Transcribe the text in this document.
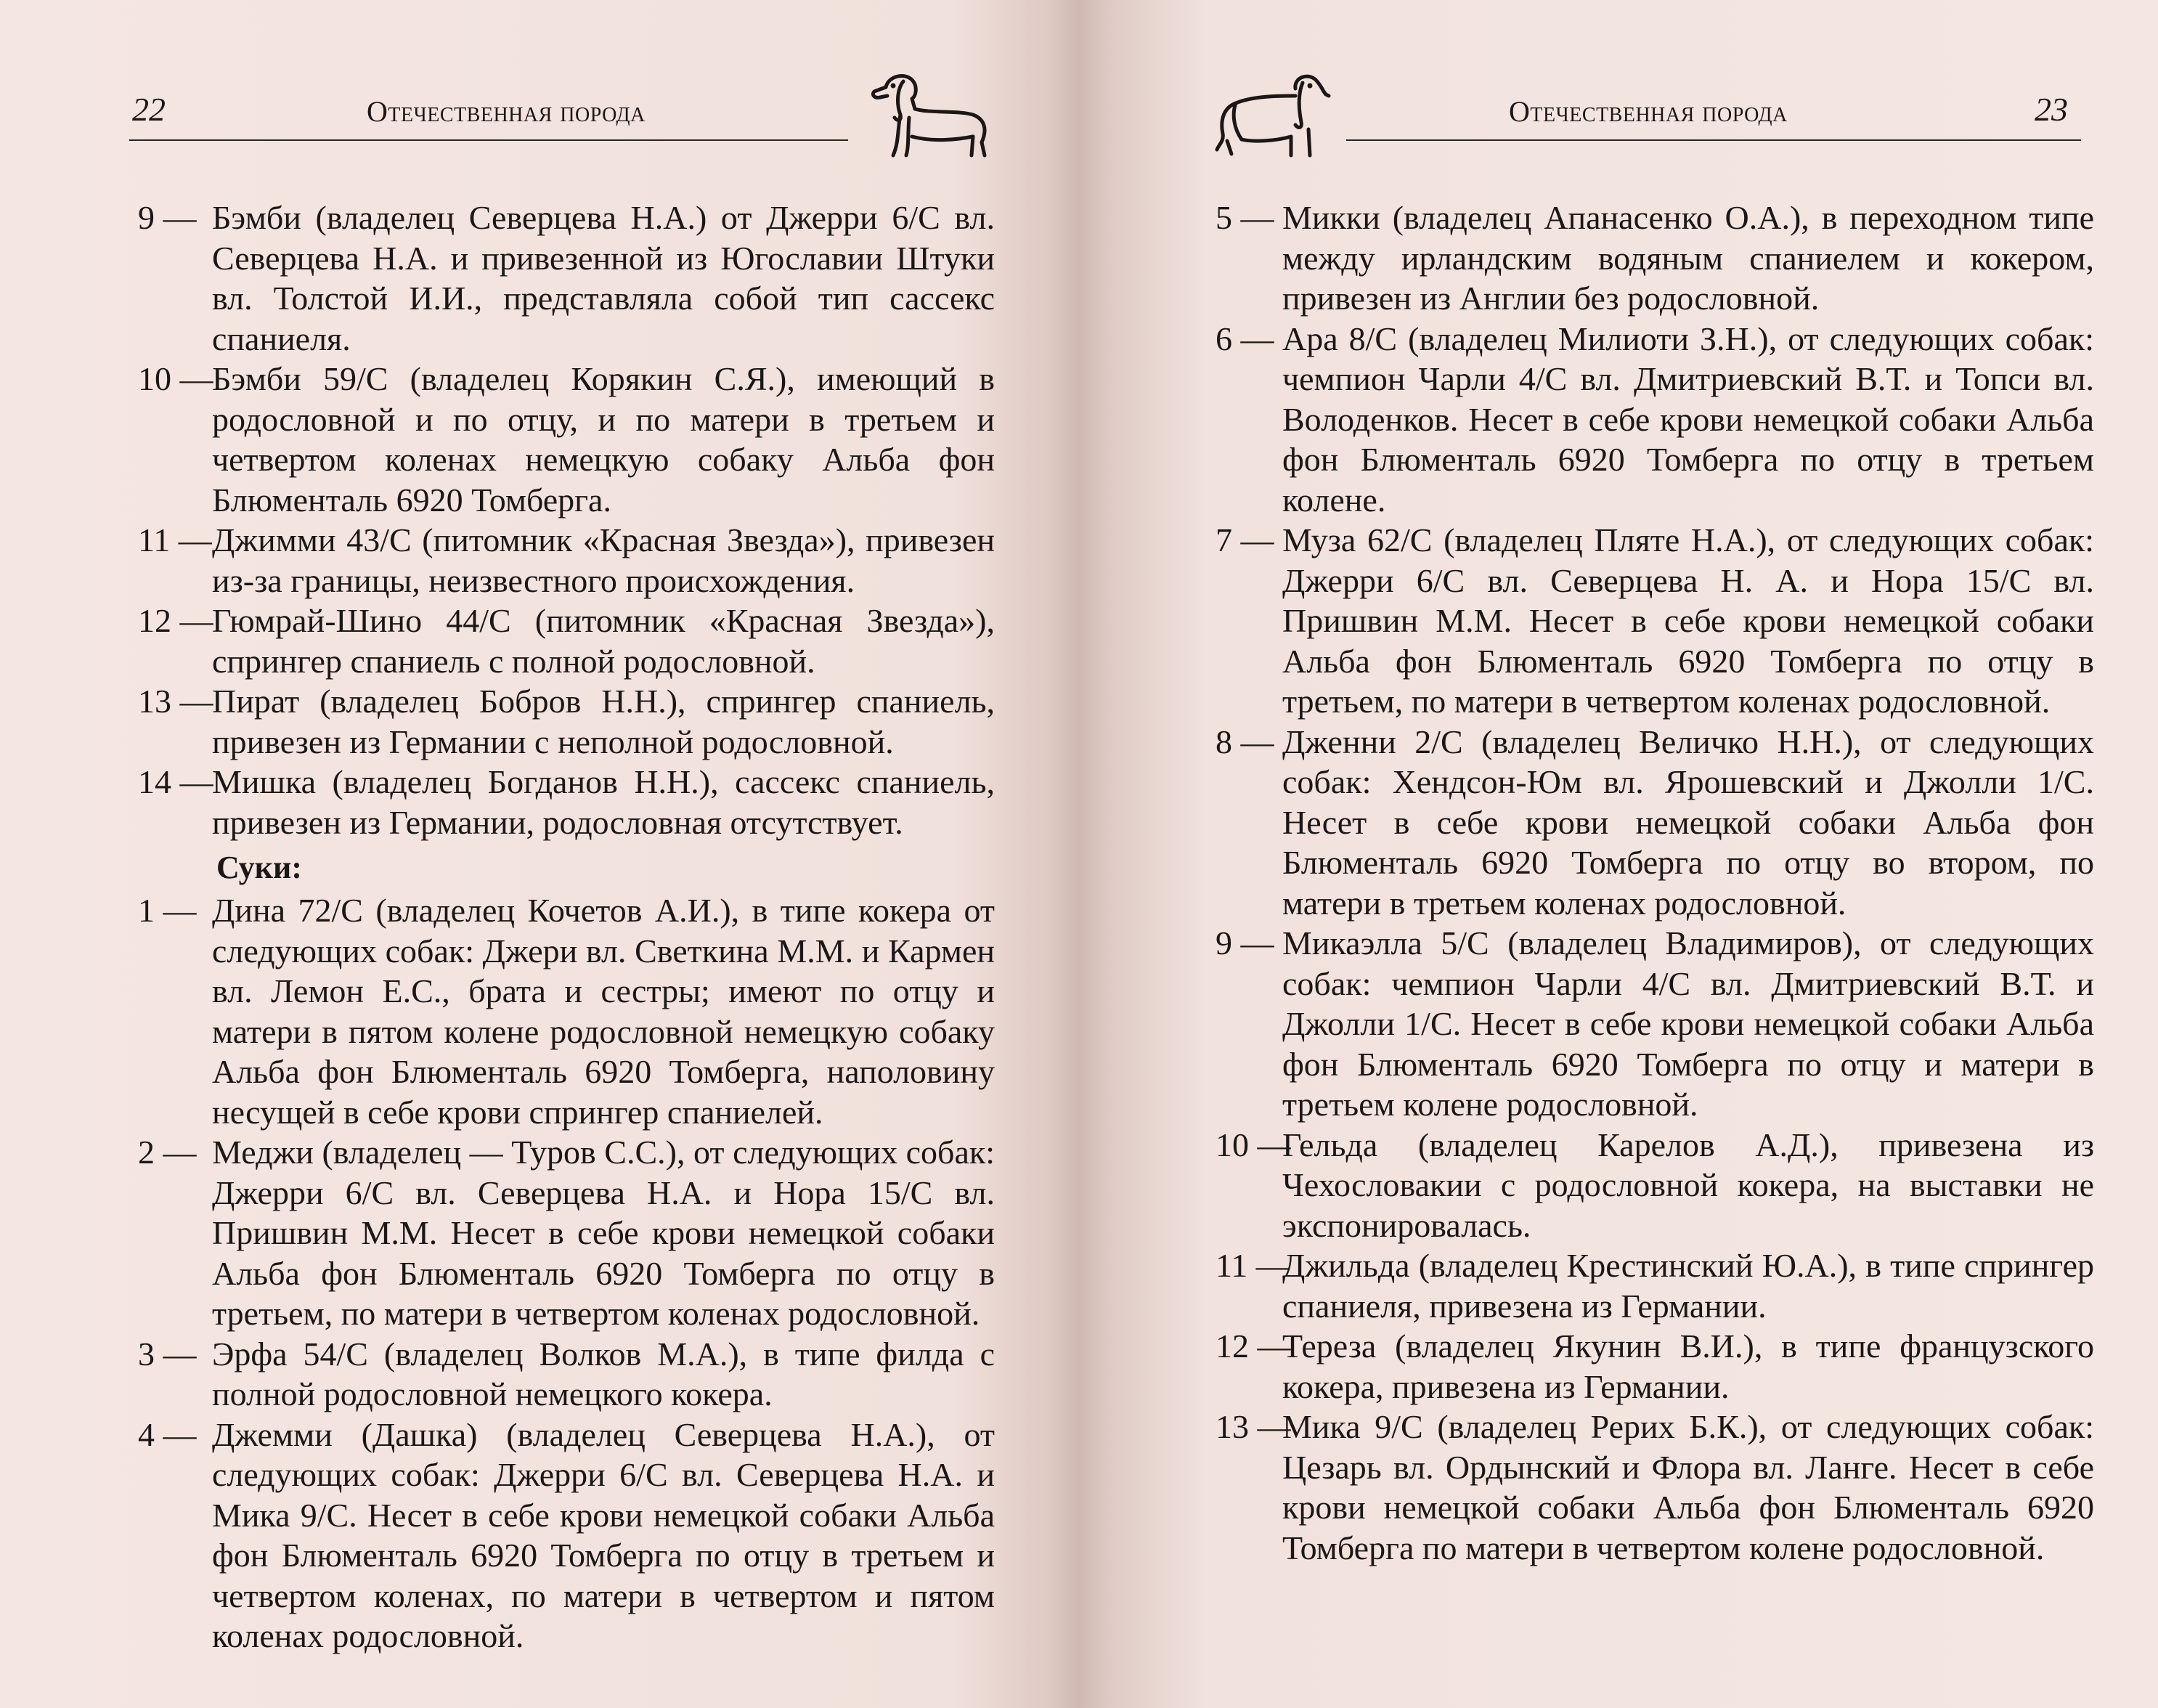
22	Отечественная порода
9 — Бэмби (владелец Северцева Н.А.) от Джерри 6/С вл. Северцева Н.А. и привезенной из Югославии Штуки вл. Толстой И.И., представляла собой тип сассекс спаниеля.
10 —
Бэмби 59/С (владелец Корякин С.Я.), имеющий в родословной и по отцу, и по матери в третьем и четвертом коленах немецкую собаку Альба фон Блюменталь 6920 Томберга.
11 — Джимми 43/С (питомник «Красная Звезда»), привезен из-за границы, неизвестного происхождения.
12 —
Гюмрай-Шино 44/С (питомник «Красная Звезда»), спрингер спаниель с полной родословной.
13 —
Пират (владелец Бобров Н.Н.), спрингер спаниель, привезен из Германии с неполной родословной.
14 —
Мишка (владелец Богданов Н.Н.), сассекс спаниель, привезен из Германии, родословная отсутствует.
Суки:
1 — Дина 72/С (владелец Кочетов А.И.), в типе кокера от следующих собак: Джери вл. Светкина М.М. и Кармен вл. Лемон Е.С., брата и сестры; имеют по отцу и матери в пятом колене родословной немецкую собаку Альба фон Блюменталь 6920 Томберга, наполовину несущей в себе крови спрингер спаниелей.
2 — Меджи (владелец — Туров С.С.), от следующих собак: Джерри 6/С вл. Северцева Н.А. и Нора 15/С вл. Пришвин М.М. Несет в себе крови немецкой собаки Альба фон Блюменталь 6920 Томберга по отцу в третьем, по матери в четвертом коленах родословной.
3 — Эрфа 54/С (владелец Волков М.А.), в типе филда с полной родословной немецкого кокера.
4 — Джемми (Дашка) (владелец Северцева Н.А.), от следующих собак: Джерри 6/С вл. Северцева Н.А. и Мика 9/С. Несет в себе крови немецкой собаки Альба фон Блюменталь 6920 Томберга по отцу в третьем и четвертом коленах, по матери в четвертом и пятом коленах родословной.
Отечественная порода	23
5 — Микки (владелец Апанасенко О.А.), в переходном типе между ирландским водяным спаниелем и кокером, привезен из Англии без родословной.
6 — Ара 8/С (владелец Милиоти З.Н.), от следующих собак: чемпион Чарли 4/С вл. Дмитриевский В.Т. и Топси вл. Володенков. Несет в себе крови немецкой собаки Альба фон Блюменталь 6920 Томберга по отцу в третьем колене.
7 — Муза 62/С (владелец Пляте Н.А.), от следующих собак: Джерри 6/С вл. Северцева Н. А. и Нора 15/С вл. Пришвин М.М. Несет в себе крови немецкой собаки Альба фон Блюменталь 6920 Томберга по отцу в третьем, по матери в четвертом коленах родословной.
8 — Дженни 2/С (владелец Величко Н.Н.), от следующих собак: Хендсон-Юм вл. Ярошевский и Джолли 1/С. Несет в себе крови немецкой собаки Альба фон Блюменталь 6920 Томберга по отцу во втором, по матери в третьем коленах родословной.
9 — Микаэлла 5/С (владелец Владимиров), от следующих собак: чемпион Чарли 4/С вл. Дмитриевский В.Т. и Джолли 1/С. Несет в себе крови немецкой собаки Альба фон Блюменталь 6920 Томберга по отцу и матери в третьем колене родословной.
10 —
Гельда (владелец Карелов А.Д.), привезена из Чехословакии с родословной кокера, на выставки не экспонировалась.
11 —
Джильда (владелец Крестинский Ю.А.), в типе спрингер спаниеля, привезена из Германии.
12 —
Тереза (владелец Якунин В.И.), в типе французского кокера, привезена из Германии.
13 —
Мика 9/С (владелец Рерих Б.К.), от следующих собак: Цезарь вл. Ордынский и Флора вл. Ланге. Несет в себе крови немецкой собаки Альба фон Блюменталь 6920 Томберга по матери в четвертом колене родословной.
